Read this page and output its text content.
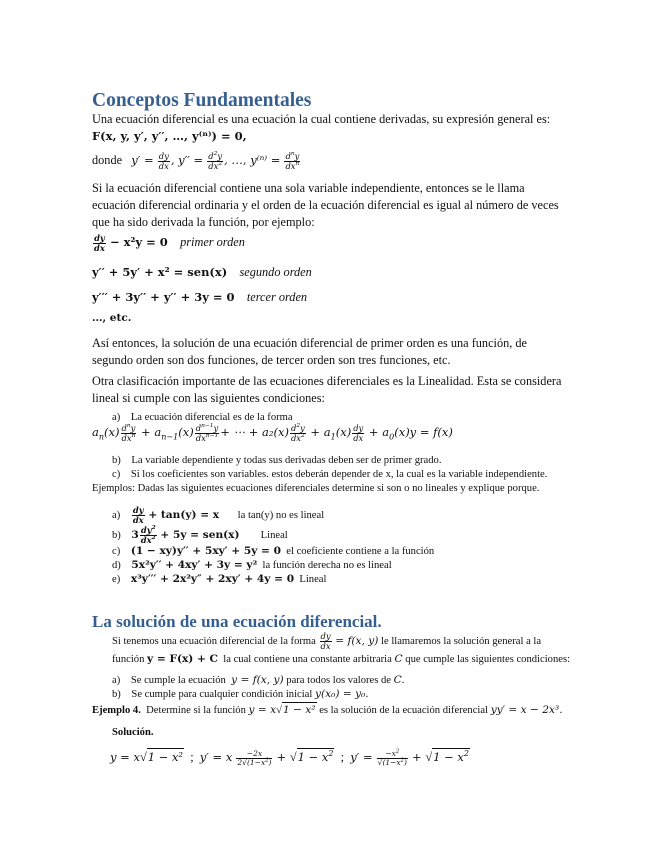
Conceptos Fundamentales
Una ecuación diferencial es una ecuación la cual contiene derivadas, su expresión general es:
F(x, y, y′, y′′, …, y⁽ⁿ⁾) = 0,
donde $y' = \frac{dy}{dx}$ , $y'' = \frac{d^2y}{dx^2}$ , …, $y^{(n)} = \frac{d^ny}{dx^n}$
Si la ecuación diferencial contiene una sola variable independiente, entonces se le llama ecuación diferencial ordinaria y el orden de la ecuación diferencial es igual al número de veces que ha sido derivada la función, por ejemplo:
$\frac{dy}{dx} - x^2y = 0$ primer orden
y′′ + 5y′ + x² = sen(x) segundo orden
y′′′ + 3y′′ + y′′ + 3y = 0 tercer orden
…, etc.
Así entonces, la solución de una ecuación diferencial de primer orden es una función, de segundo orden son dos funciones, de tercer orden son tres funciones, etc.
Otra clasificación importante de las ecuaciones diferenciales es la Linealidad. Esta se considera lineal si cumple con las siguientes condiciones:
a) La ecuación diferencial es de la forma
$a_n(x) \frac{d^ny}{dx^n} + a_{n-1}(x) \frac{d^{n-1}y}{dx^{n-1}}$ + ⋯ + $a_2(x) \frac{d^2y}{dx^2} + a_1(x) \frac{dy}{dx} + a_0(x)y = f(x)$
b) La variable dependiente y todas sus derivadas deben ser de primer grado.
c) Si los coeficientes son variables. estos deberán depender de x, la cual es la variable independiente.
Ejemplos: Dadas las siguientes ecuaciones diferenciales determine si son o no lineales y explique porque.
$a) \frac{dy}{dx} + \tan(y) = x$ la tan(y) no es lineal
b) $3 \frac{dy^2}{dx^2} + 5y = sen(x)$ Lineal
c) (1 − xy)y′′ + 5xy′ + 5y = 0 el coeficiente contiene a la función
d) 5x²y′′ + 4xy′ + 3y = y² la función derecha no es lineal
e) x³y′′′ + 2x²y″ + 2xy′ + 4y = 0 Lineal
La solución de una ecuación diferencial.
Si tenemos una ecuación diferencial de la forma $\frac{dy}{dx} = f(x$, y) le llamaremos la solución general a la
función y = F(x) + C la cual contiene una constante arbitraria C que cumple las siguientes condiciones:
a) Se cumple la ecuación y = f(x, y) para todos los valores de C.
b) Se cumple para cualquier condición inicial y(x₀) = y₀.
Ejemplo 4. Determine si la función y = x√1 − x² es la solución de la ecuación diferencial yy′ = x − 2x³.
Solución.
y = x√1 − x² ; y′ = x $\frac{-2x}{2√(1-x^2)} + √1 - x^2$ ; $y' = \frac{-x^2}{√(1-x^2)} + √1 - x^2$
